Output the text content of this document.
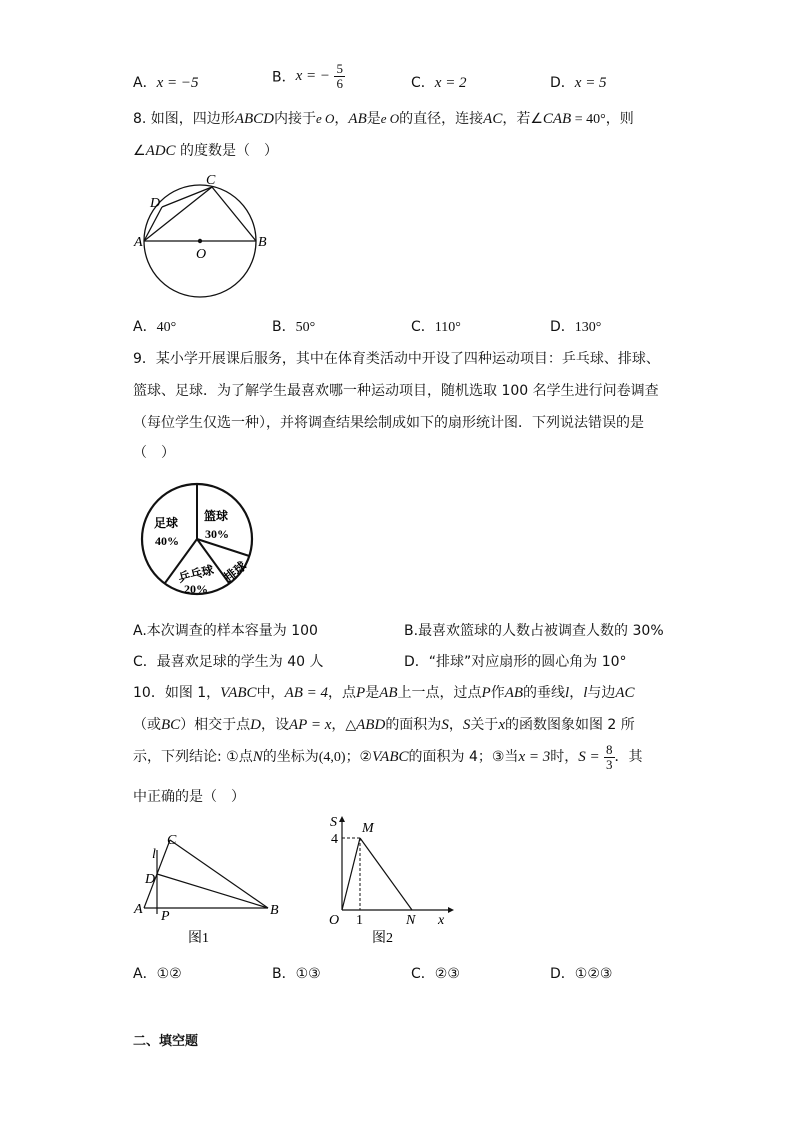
A．x = −5	B．x = − $\frac{5}{6}$	C．x = 2	D．x = 5
8. 如图，四边形ABCD内接于e O，AB是e O的直径，连接AC，若∠CAB = 40°，则
∠ADC 的度数是（　）
A	B
C
D
O
A．40°	B．50°	C．110°	D．130°
9．某小学开展课后服务，其中在体育类活动中开设了四种运动项目：乒乓球、排球、
篮球、足球．为了解学生最喜欢哪一种运动项目，随机选取 100 名学生进行问卷调查
（每位学生仅选一种），并将调查结果绘制成如下的扇形统计图．下列说法错误的是
（　）
足球
40%
篮球
30%
排球
乒乓球
20%
A.本次调查的样本容量为 100	B.最喜欢篮球的人数占被调查人数的 30%
C．最喜欢足球的学生为 40 人	D．“排球”对应扇形的圆心角为 10°
10．如图 1，VABC中，AB = 4，点P是AB上一点，过点P作AB的垂线l，l与边AC
（或BC）相交于点D，设AP = x，△ABD的面积为S，S关于x的函数图象如图 2 所
示，下列结论: ①点N的坐标为(4,0)；②VABC的面积为 4；③当x = 3时，$S = \frac{8}{3}$ ．其
中正确的是（　）
A	B
C
D
P
l
图1
S
4
M
O 1	N x
图2
A．①②	B．①③	C．②③	D．①②③
二、填空题
